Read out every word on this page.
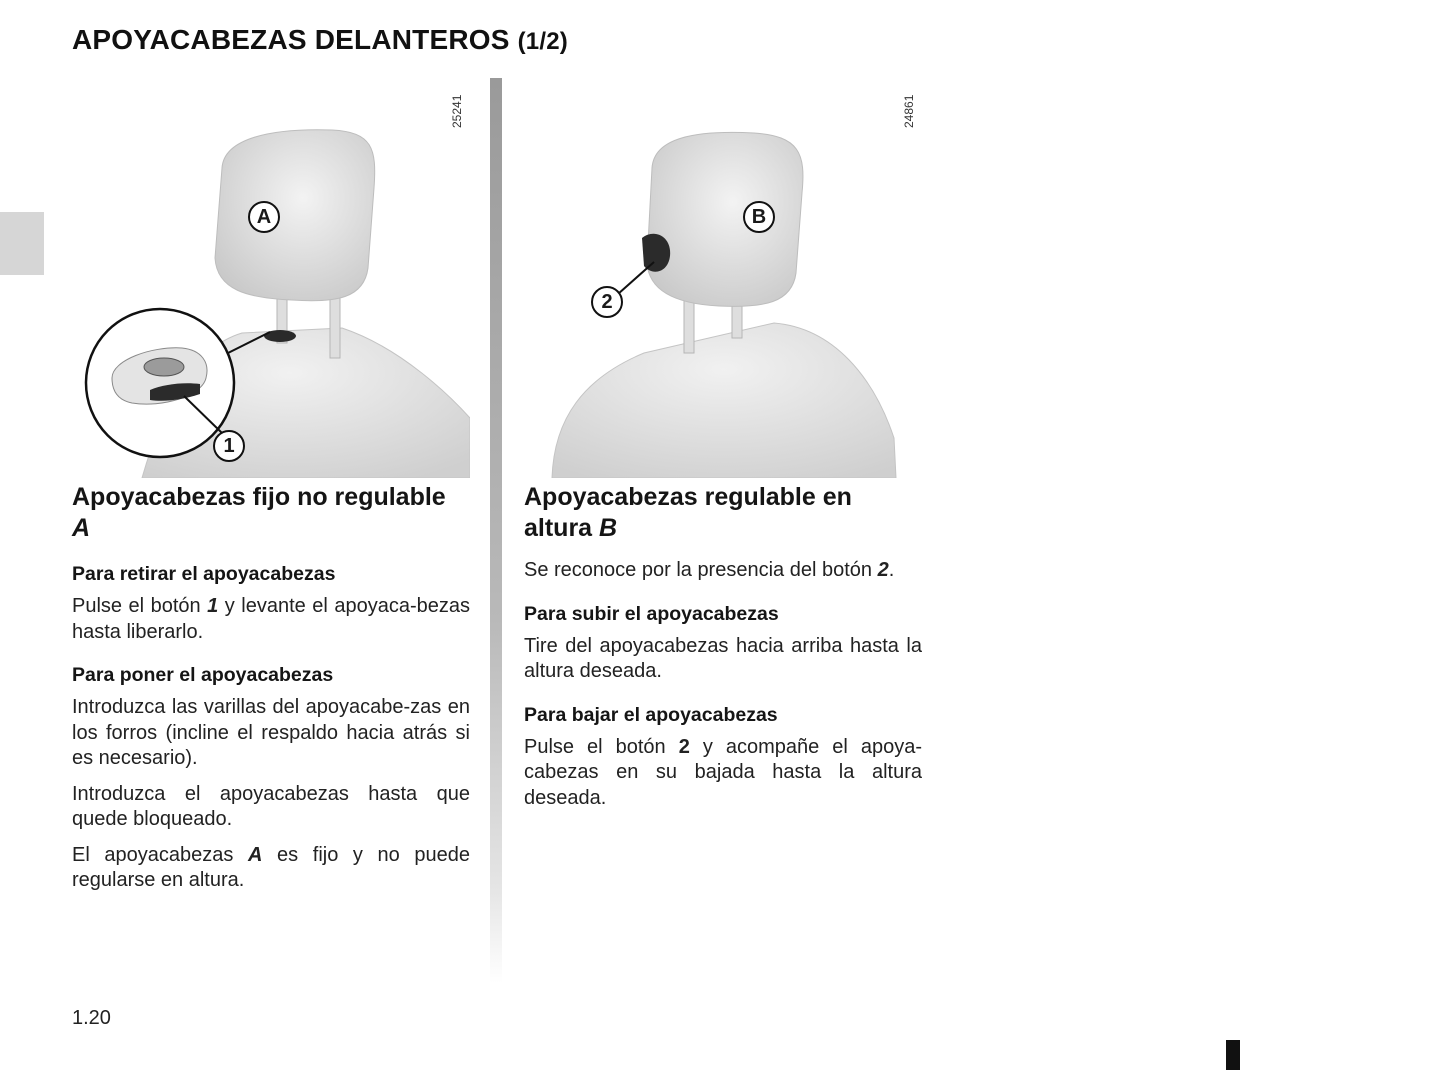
APOYACABEZAS DELANTEROS (1/2)
A
1
25241
B
2
24861
Apoyacabezas fijo no regulable A
Para retirar el apoyacabezas

Pulse el botón 1 y levante el apoyaca-bezas hasta liberarlo.

Para poner el apoyacabezas

Introduzca las varillas del apoyacabe-zas en los forros (incline el respaldo hacia atrás si es necesario).

Introduzca el apoyacabezas hasta que quede bloqueado.

El apoyacabezas A es fijo y no puede regularse en altura.

Apoyacabezas regulable en altura B

Se reconoce por la presencia del botón 2.

Para subir el apoyacabezas

Tire del apoyacabezas hacia arriba hasta la altura deseada.

Para bajar el apoyacabezas

Pulse el botón 2 y acompañe el apoya-cabezas en su bajada hasta la altura deseada.

1.20
